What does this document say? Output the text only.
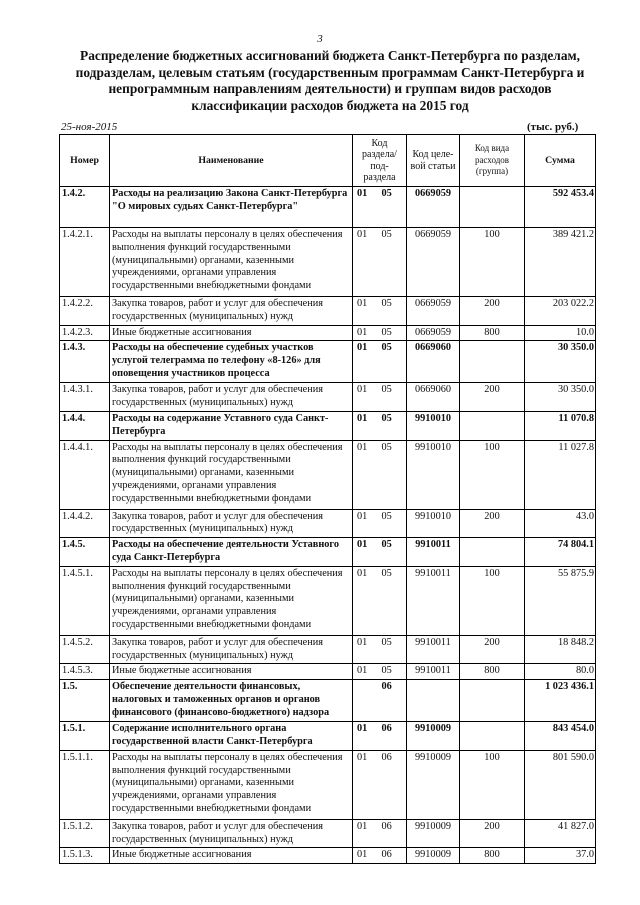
3
Распределение бюджетных ассигнований бюджета Санкт-Петербурга по разделам, подразделам, целевым статьям (государственным программам Санкт-Петербурга и непрограммным направлениям деятельности) и группам видов расходов классификации расходов бюджета на 2015 год
25-ноя-2015	(тыс. руб.)
Номер	Наименование	Код раздела/ под-раздела		Код целе-вой статьи	Код вида расходов (группа)	Сумма
1.4.2.	Расходы на реализацию Закона Санкт-Петербурга "О мировых судьях Санкт-Петербурга"	01	05	0669059		592 453.4
1.4.2.1.	Расходы на выплаты персоналу в целях обеспечения выполнения функций государственными (муниципальными) органами, казенными учреждениями, органами управления государственными внебюджетными фондами	01	05	0669059	100	389 421.2
1.4.2.2.	Закупка товаров, работ и услуг для обеспечения государственных (муниципальных) нужд	01	05	0669059	200	203 022.2
1.4.2.3.	Иные бюджетные ассигнования	01	05	0669059	800	10.0
1.4.3.	Расходы на обеспечение судебных участков услугой телеграмма по телефону «8-126» для оповещения участников процесса	01	05	0669060		30 350.0
1.4.3.1.	Закупка товаров, работ и услуг для обеспечения государственных (муниципальных) нужд	01	05	0669060	200	30 350.0
1.4.4.	Расходы на содержание Уставного суда Санкт-Петербурга	01	05	9910010		11 070.8
1.4.4.1.	Расходы на выплаты персоналу в целях обеспечения выполнения функций государственными (муниципальными) органами, казенными учреждениями, органами управления государственными внебюджетными фондами	01	05	9910010	100	11 027.8
1.4.4.2.	Закупка товаров, работ и услуг для обеспечения государственных (муниципальных) нужд	01	05	9910010	200	43.0
1.4.5.	Расходы на обеспечение деятельности Уставного суда Санкт-Петербурга	01	05	9910011		74 804.1
1.4.5.1.	Расходы на выплаты персоналу в целях обеспечения выполнения функций государственными (муниципальными) органами, казенными учреждениями, органами управления государственными внебюджетными фондами	01	05	9910011	100	55 875.9
1.4.5.2.	Закупка товаров, работ и услуг для обеспечения государственных (муниципальных) нужд	01	05	9910011	200	18 848.2
1.4.5.3.	Иные бюджетные ассигнования	01	05	9910011	800	80.0
1.5.	Обеспечение деятельности финансовых, налоговых и таможенных органов и органов финансового (финансово-бюджетного) надзора		06			1 023 436.1
1.5.1.	Содержание исполнительного органа государственной власти Санкт-Петербурга	01	06	9910009		843 454.0
1.5.1.1.	Расходы на выплаты персоналу в целях обеспечения выполнения функций государственными (муниципальными) органами, казенными учреждениями, органами управления государственными внебюджетными фондами	01	06	9910009	100	801 590.0
1.5.1.2.	Закупка товаров, работ и услуг для обеспечения государственных (муниципальных) нужд	01	06	9910009	200	41 827.0
1.5.1.3.	Иные бюджетные ассигнования	01	06	9910009	800	37.0
